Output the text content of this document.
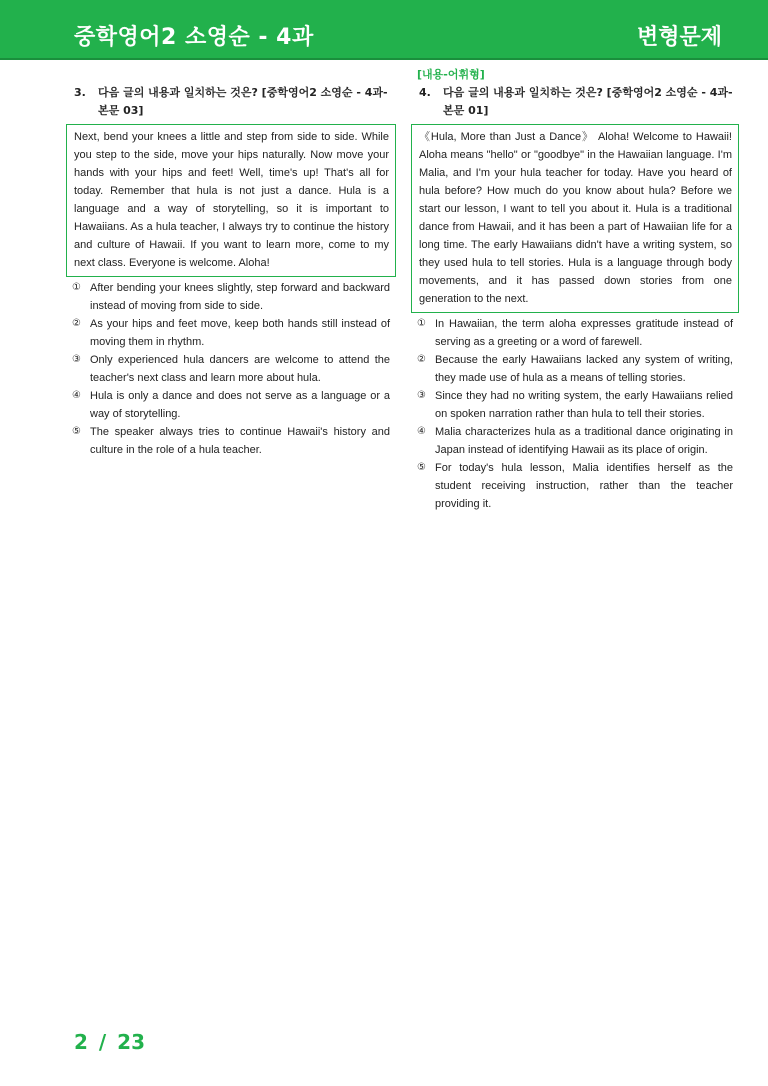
중학영어2 소영순 - 4과	변형문제
3. 다음 글의 내용과 일치하는 것은? [중학영어2 소영순 - 4과-본문 03]
Next, bend your knees a little and step from side to side. While you step to the side, move your hips naturally. Now move your hands with your hips and feet! Well, time's up! That's all for today. Remember that hula is not just a dance. Hula is a language and a way of storytelling, so it is important to Hawaiians. As a hula teacher, I always try to continue the history and culture of Hawaii. If you want to learn more, come to my next class. Everyone is welcome. Aloha!
① After bending your knees slightly, step forward and backward instead of moving from side to side.
② As your hips and feet move, keep both hands still instead of moving them in rhythm.
③ Only experienced hula dancers are welcome to attend the teacher's next class and learn more about hula.
④ Hula is only a dance and does not serve as a language or a way of storytelling.
⑤ The speaker always tries to continue Hawaii's history and culture in the role of a hula teacher.
[내용-어휘형]
4. 다음 글의 내용과 일치하는 것은? [중학영어2 소영순 - 4과-본문 01]
《Hula, More than Just a Dance》 Aloha! Welcome to Hawaii! Aloha means "hello" or "goodbye" in the Hawaiian language. I'm Malia, and I'm your hula teacher for today. Have you heard of hula before? How much do you know about hula? Before we start our lesson, I want to tell you about it. Hula is a traditional dance from Hawaii, and it has been a part of Hawaiian life for a long time. The early Hawaiians didn't have a writing system, so they used hula to tell stories. Hula is a language through body movements, and it has passed down stories from one generation to the next.
① In Hawaiian, the term aloha expresses gratitude instead of serving as a greeting or a word of farewell.
② Because the early Hawaiians lacked any system of writing, they made use of hula as a means of telling stories.
③ Since they had no writing system, the early Hawaiians relied on spoken narration rather than hula to tell their stories.
④ Malia characterizes hula as a traditional dance originating in Japan instead of identifying Hawaii as its place of origin.
⑤ For today's hula lesson, Malia identifies herself as the student receiving instruction, rather than the teacher providing it.
2 / 23
